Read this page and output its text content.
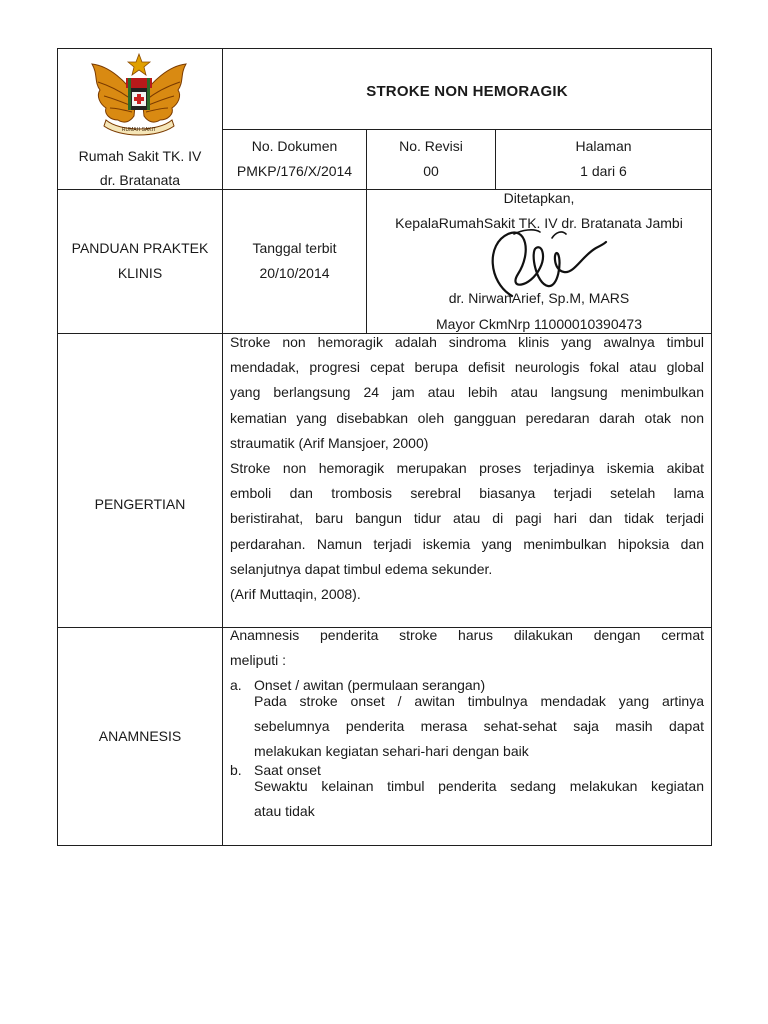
RUMAH SAKIT
Rumah Sakit TK. IV
dr. Bratanata
STROKE NON HEMORAGIK
No. Dokumen
PMKP/176/X/2014
No. Revisi
00
Halaman
1 dari 6
PANDUAN PRAKTEK
KLINIS
Tanggal terbit
20/10/2014
Ditetapkan,
KepalaRumahSakit TK. IV dr. Bratanata Jambi
dr. NirwanArief, Sp.M, MARS
Mayor CkmNrp 11000010390473
PENGERTIAN
Stroke non hemoragik adalah sindroma klinis yang awalnya timbul
mendadak, progresi cepat berupa defisit neurologis fokal atau global
yang berlangsung 24 jam atau lebih atau langsung menimbulkan
kematian yang disebabkan oleh gangguan peredaran darah otak non
straumatik (Arif Mansjoer, 2000)
Stroke non hemoragik merupakan proses terjadinya iskemia akibat
emboli dan trombosis serebral biasanya terjadi setelah lama
beristirahat, baru bangun tidur atau di pagi hari dan tidak terjadi
perdarahan. Namun terjadi iskemia yang menimbulkan hipoksia dan
selanjutnya dapat timbul edema sekunder.
(Arif Muttaqin, 2008).
ANAMNESIS
Anamnesis penderita stroke harus dilakukan dengan cermat
meliputi :
a. Onset / awitan (permulaan serangan)
Pada stroke onset / awitan timbulnya mendadak yang artinya
sebelumnya penderita merasa sehat-sehat saja masih dapat
melakukan kegiatan sehari-hari dengan baik
b. Saat onset
Sewaktu kelainan timbul penderita sedang melakukan kegiatan
atau tidak
